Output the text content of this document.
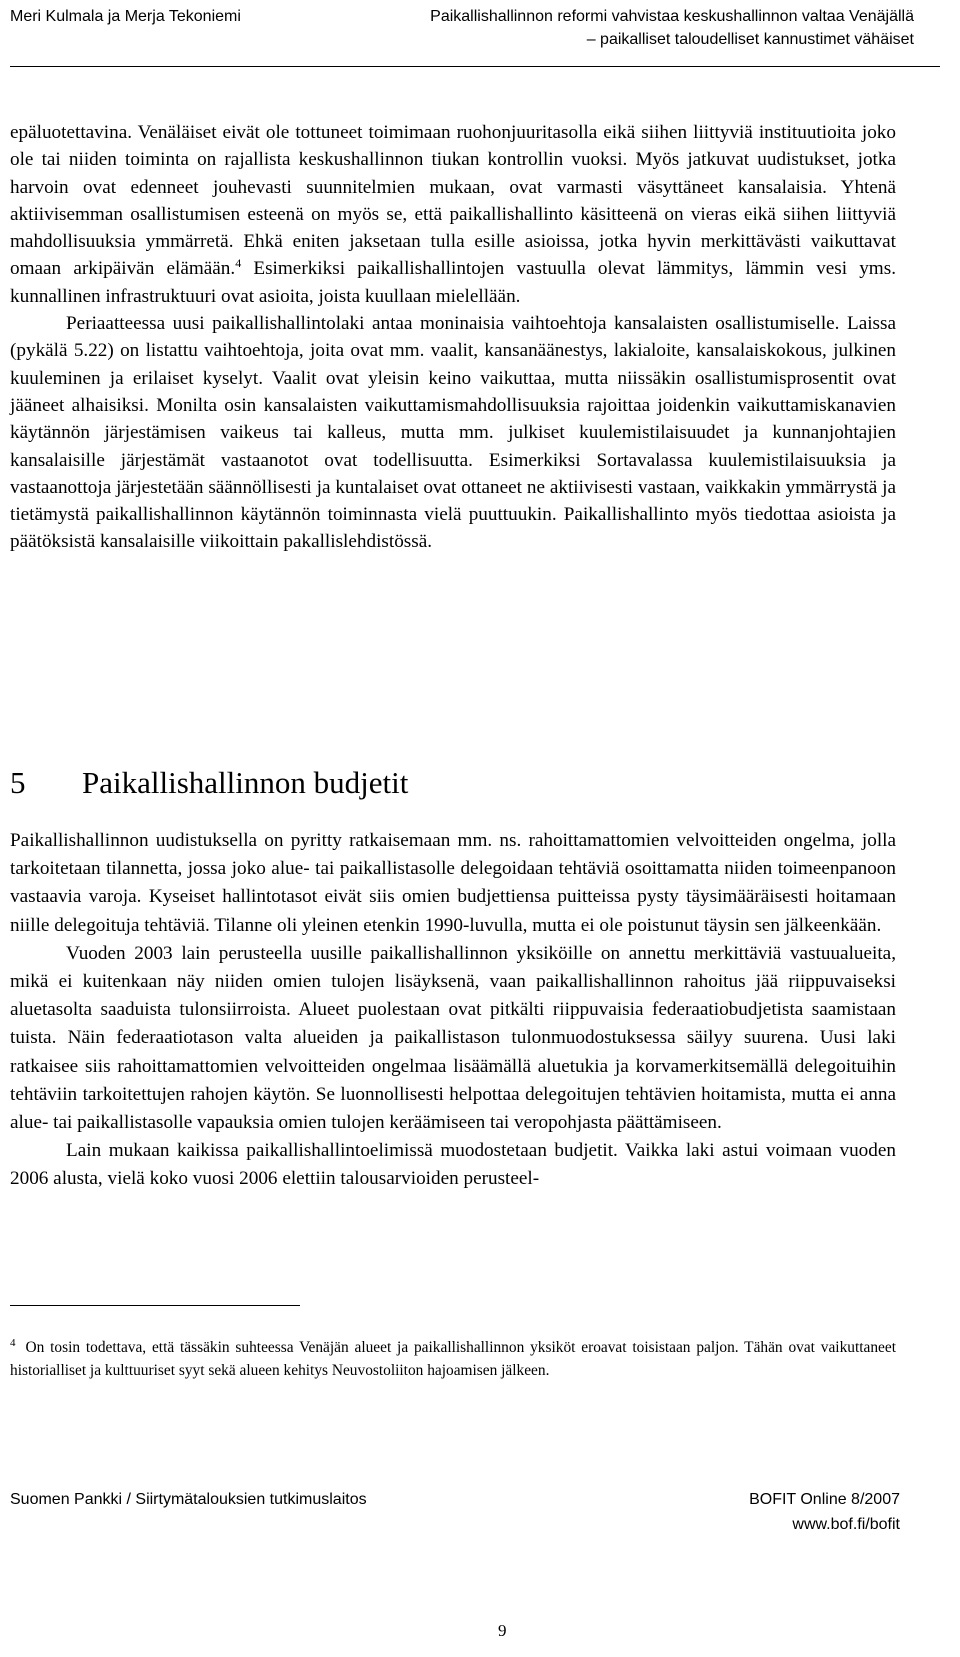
Meri Kulmala ja Merja Tekoniemi	Paikallishallinnon reformi vahvistaa keskushallinnon valtaa Venäjällä
– paikalliset taloudelliset kannustimet vähäiset

epäluotettavina. Venäläiset eivät ole tottuneet toimimaan ruohonjuuritasolla eikä siihen liittyviä instituutioita joko ole tai niiden toiminta on rajallista keskushallinnon tiukan kontrollin vuoksi. Myös jatkuvat uudistukset, jotka harvoin ovat edenneet jouhevasti suunnitelmien mukaan, ovat varmasti väsyttäneet kansalaisia. Yhtenä aktiivisemman osallistumisen esteenä on myös se, että paikallishallinto käsitteenä on vieras eikä siihen liittyviä mahdollisuuksia ymmärretä. Ehkä eniten jaksetaan tulla esille asioissa, jotka hyvin merkittävästi vaikuttavat omaan arkipäivän elämään.$^4$ Esimerkiksi paikallishallintojen vastuulla olevat lämmitys, lämmin vesi yms. kunnallinen infrastruktuuri ovat asioita, joista kuullaan mielellään.

Periaatteessa uusi paikallishallintolaki antaa moninaisia vaihtoehtoja kansalaisten osallistumiselle. Laissa (pykälä 5.22) on listattu vaihtoehtoja, joita ovat mm. vaalit, kansanäänestys, lakialoite, kansalaiskokous, julkinen kuuleminen ja erilaiset kyselyt. Vaalit ovat yleisin keino vaikuttaa, mutta niissäkin osallistumisprosentit ovat jääneet alhaisiksi. Monilta osin kansalaisten vaikuttamismahdollisuuksia rajoittaa joidenkin vaikuttamiskanavien käytännön järjestämisen vaikeus tai kalleus, mutta mm. julkiset kuulemistilaisuudet ja kunnanjohtajien kansalaisille järjestämät vastaanotot ovat todellisuutta. Esimerkiksi Sortavalassa kuulemistilaisuuksia ja vastaanottoja järjestetään säännöllisesti ja kuntalaiset ovat ottaneet ne aktiivisesti vastaan, vaikkakin ymmärrystä ja tietämystä paikallishallinnon käytännön toiminnasta vielä puuttuukin. Paikallishallinto myös tiedottaa asioista ja päätöksistä kansalaisille viikoittain pakallislehdistössä.

5 Paikallishallinnon budjetit

Paikallishallinnon uudistuksella on pyritty ratkaisemaan mm. ns. rahoittamattomien velvoitteiden ongelma, jolla tarkoitetaan tilannetta, jossa joko alue- tai paikallistasolle delegoidaan tehtäviä osoittamatta niiden toimeenpanoon vastaavia varoja. Kyseiset hallintotasot eivät siis omien budjettiensa puitteissa pysty täysimääräisesti hoitamaan niille delegoituja tehtäviä. Tilanne oli yleinen etenkin 1990-luvulla, mutta ei ole poistunut täysin sen jälkeenkään.

Vuoden 2003 lain perusteella uusille paikallishallinnon yksiköille on annettu merkittäviä vastuualueita, mikä ei kuitenkaan näy niiden omien tulojen lisäyksenä, vaan paikallishallinnon rahoitus jää riippuvaiseksi aluetasolta saaduista tulonsiirroista. Alueet puolestaan ovat pitkälti riippuvaisia federaatiobudjetista saamistaan tuista. Näin federaatiotason valta alueiden ja paikallistason tulonmuodostuksessa säilyy suurena. Uusi laki ratkaisee siis rahoittamattomien velvoitteiden ongelmaa lisäämällä aluetukia ja korvamerkitsemällä delegoituihin tehtäviin tarkoitettujen rahojen käytön. Se luonnollisesti helpottaa delegoitujen tehtävien hoitamista, mutta ei anna alue- tai paikallistasolle vapauksia omien tulojen keräämiseen tai veropohjasta päättämiseen.

Lain mukaan kaikissa paikallishallintoelimissä muodostetaan budjetit. Vaikka laki astui voimaan vuoden 2006 alusta, vielä koko vuosi 2006 elettiin talousarvioiden perusteel-

$^4$ On tosin todettava, että tässäkin suhteessa Venäjän alueet ja paikallishallinnon yksiköt eroavat toisistaan paljon. Tähän ovat vaikuttaneet historialliset ja kulttuuriset syyt sekä alueen kehitys Neuvostoliiton hajoamisen jälkeen.
Suomen Pankki / Siirtymätalouksien tutkimuslaitos	BOFIT Online 8/2007
www.bof.fi/bofit
9
